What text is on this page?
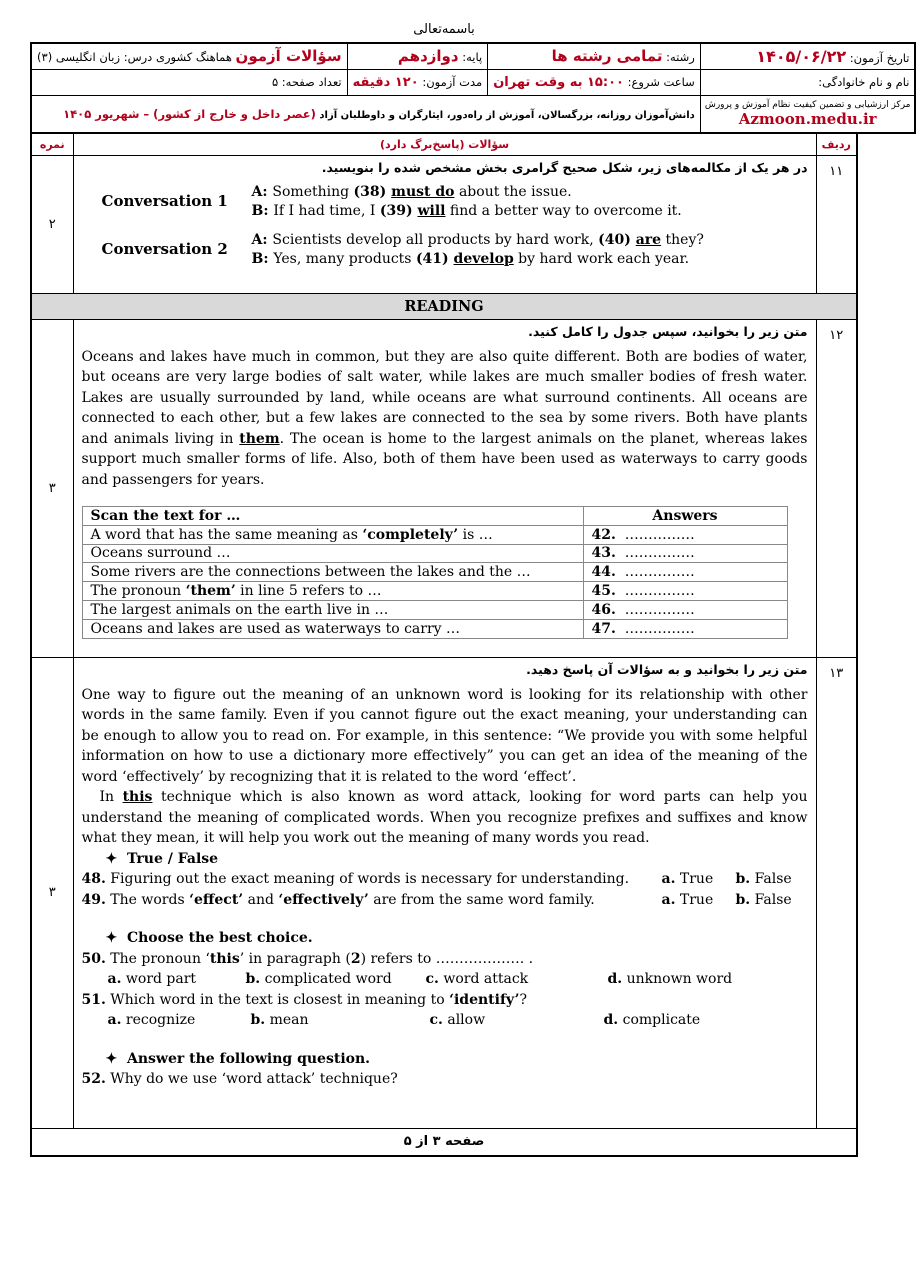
باسمه‌تعالی
سؤالات آزمون هماهنگ کشوری درس: زبان انگلیسی (۳)	پایه: دوازدهم	رشته: تمامی رشته ها	تاریخ آزمون: ۱۴۰۵/۰۶/۲۲
تعداد صفحه: ۵	مدت آزمون: ۱۲۰ دقیقه	ساعت شروع: ۱۵:۰۰ به وقت تهران	نام و نام خانوادگی:
دانش‌آموزان روزانه، بزرگسالان، آموزش از راه‌دور، ایثارگران و داوطلبان آزاد (عصر داخل و خارج از کشور) – شهریور ۱۴۰۵			مرکز ارزشیابی و تضمین کیفیت نظام آموزش و پرورش
Azmoon.medu.ir
نمره	سؤالات (پاسخ‌برگ دارد)	ردیف
۲	
در هر یک از مکالمه‌های زیر، شکل صحیح گرامری بخش مشخص شده را بنویسید.
Conversation 1	A: Something (38) must do about the issue.
B: If I had time, I (39) will find a better way to overcome it.
Conversation 2	A: Scientists develop all products by hard work, (40) are they?
B: Yes, many products (41) develop by hard work each year.
	۱۱
READING
۳	
متن زیر را بخوانید، سپس جدول را کامل کنید.
Oceans and lakes have much in common, but they are also quite different. Both are bodies of water, but oceans are very large bodies of salt water, while lakes are much smaller bodies of fresh water. Lakes are usually surrounded by land, while oceans are what surround continents. All oceans are connected to each other, but a few lakes are connected to the sea by some rivers. Both have plants and animals living in them. The ocean is home to the largest animals on the planet, whereas lakes support much smaller forms of life. Also, both of them have been used as waterways to carry goods and passengers for years.
Scan the text for …	Answers
A word that has the same meaning as ‘completely’ is …	42. ……………
Oceans surround …	43. ……………
Some rivers are the connections between the lakes and the …	44. ……………
The pronoun ‘them’ in line 5 refers to …	45. ……………
The largest animals on the earth live in …	46. ……………
Oceans and lakes are used as waterways to carry …	47. ……………
	۱۲
۳	
متن زیر را بخوانید و به سؤالات آن پاسخ دهید.
One way to figure out the meaning of an unknown word is looking for its relationship with other words in the same family. Even if you cannot figure out the exact meaning, your understanding can be enough to allow you to read on. For example, in this sentence: “We provide you with some helpful information on how to use a dictionary more effectively” you can get an idea of the meaning of the word ‘effectively’ by recognizing that it is related to the word ‘effect’.
In this technique which is also known as word attack, looking for word parts can help you understand the meaning of complicated words. When you recognize prefixes and suffixes and know what they mean, it will help you work out the meaning of many words you read.
✦ True / False
48. Figuring out the exact meaning of words is necessary for understanding.	a. True	b. False
49. The words ‘effect’ and ‘effectively’ are from the same word family.	a. True	b. False
✦ Choose the best choice.
50. The pronoun ‘this’ in paragraph (2) refers to ………………. .
a. word part	b. complicated word	c. word attack	d. unknown word
51. Which word in the text is closest in meaning to ‘identify’?
a. recognize	b. mean	c. allow	d. complicate
✦ Answer the following question.
52. Why do we use ‘word attack’ technique?
	۱۳
صفحه ۳ از ۵
